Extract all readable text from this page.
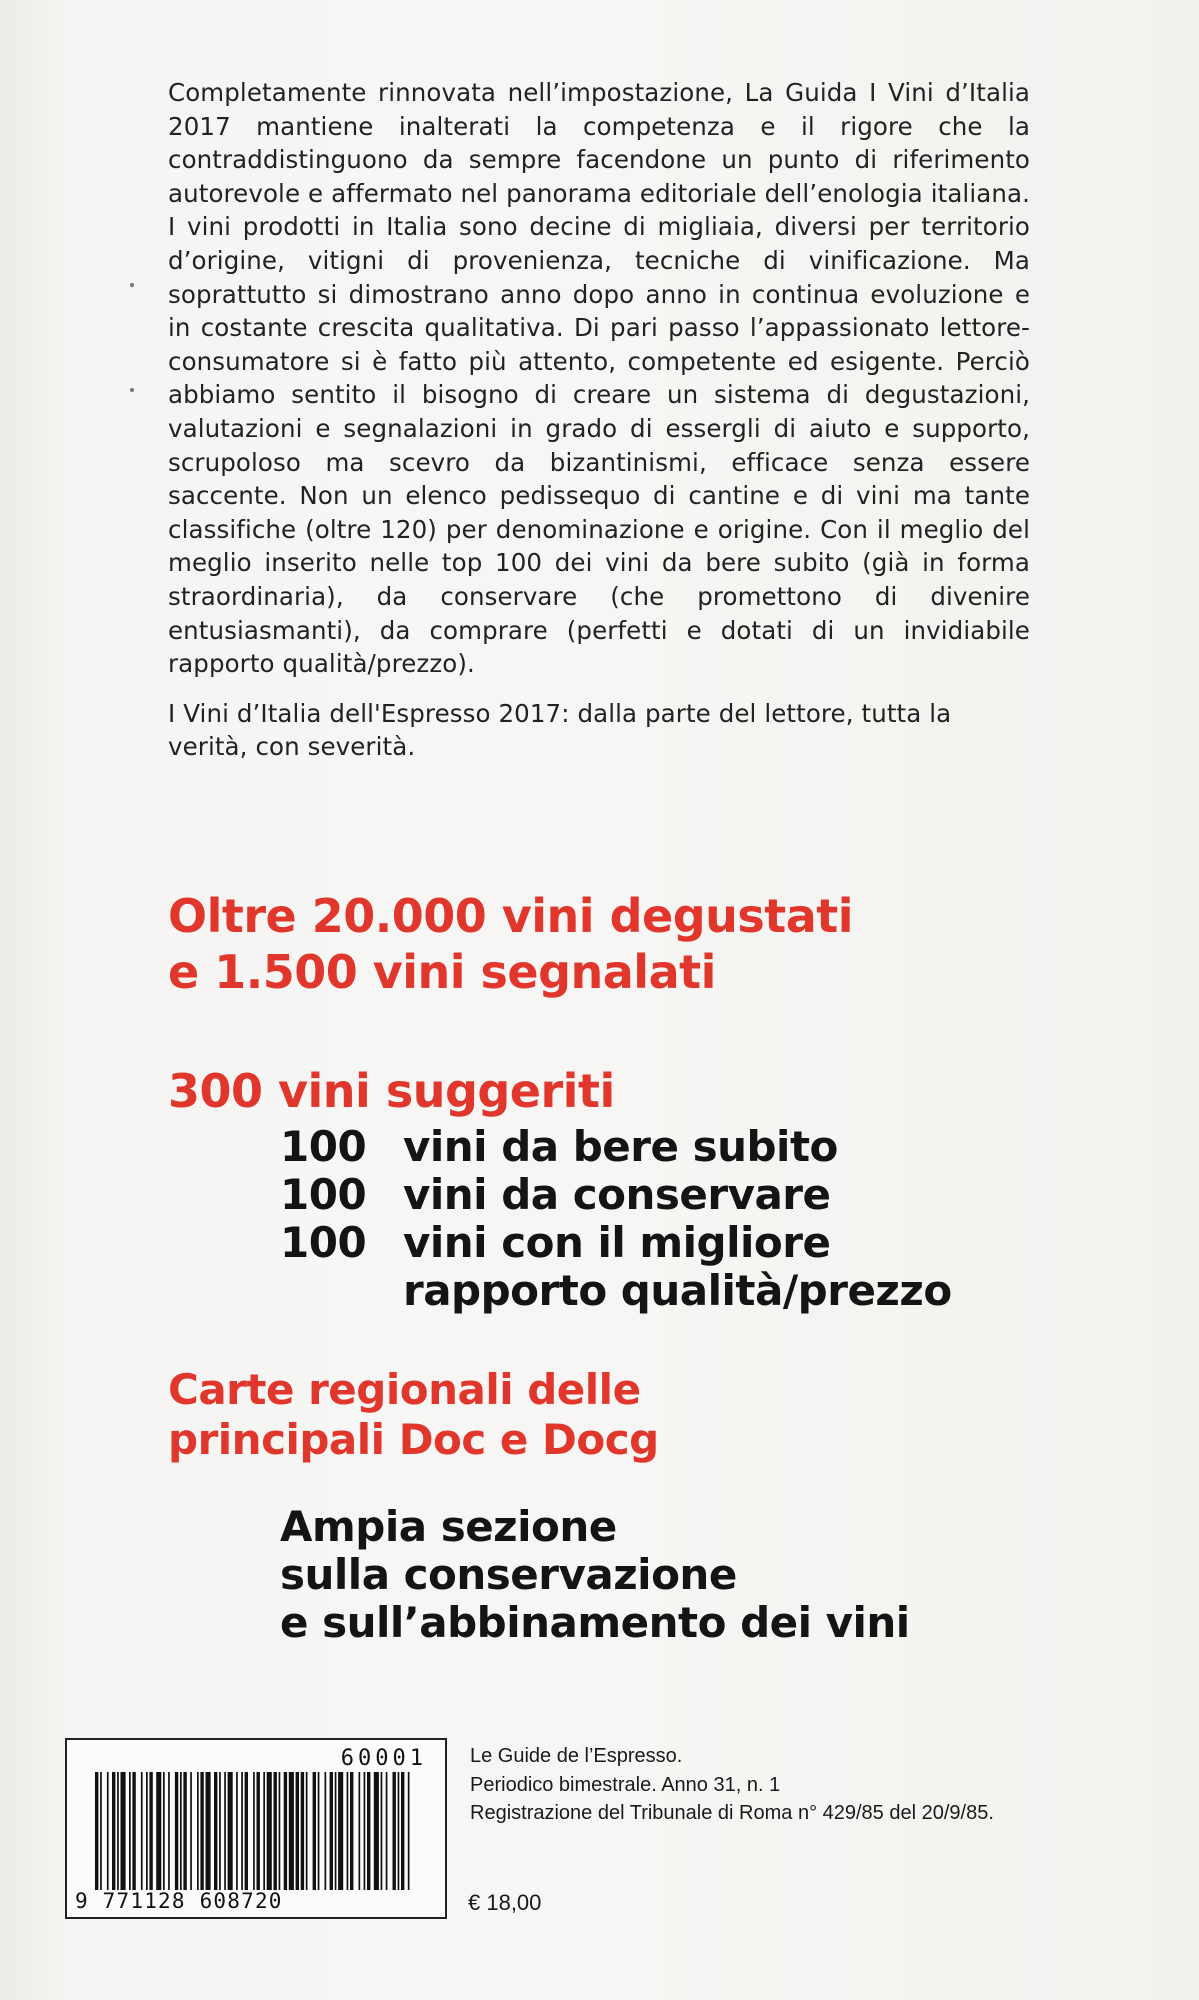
Completamente rinnovata nell’impostazione, La Guida I Vini d’Italia 2017 mantiene inalterati la competenza e il rigore che la contraddistinguono da sempre facendone un punto di riferimento autorevole e affermato nel panorama editoriale dell’enologia italiana. I vini prodotti in Italia sono decine di migliaia, diversi per territorio d’origine, vitigni di provenienza, tecniche di vinificazione. Ma soprattutto si dimostrano anno dopo anno in continua evoluzione e in costante crescita qualitativa. Di pari passo l’appassionato lettore-consumatore si è fatto più attento, competente ed esigente. Perciò abbiamo sentito il bisogno di creare un sistema di degustazioni, valutazioni e segnalazioni in grado di essergli di aiuto e supporto, scrupoloso ma scevro da bizantinismi, efficace senza essere saccente. Non un elenco pedissequo di cantine e di vini ma tante classifiche (oltre 120) per denominazione e origine. Con il meglio del meglio inserito nelle top 100 dei vini da bere subito (già in forma straordinaria), da conservare (che promettono di divenire entusiasmanti), da comprare (perfetti e dotati di un invidiabile rapporto qualità/prezzo).

I Vini d’Italia dell'Espresso 2017: dalla parte del lettore, tutta la verità, con severità.

Oltre 20.000 vini degustati
e 1.500 vini segnalati
300 vini suggeriti
100 vini da bere subito
100 vini da conservare
100 vini con il migliore
rapporto qualità/prezzo
Carte regionali delle
principali Doc e Docg
Ampia sezione
sulla conservazione
e sull’abbinamento dei vini
60001
9 771128 608720
Le Guide de l’Espresso.
Periodico bimestrale. Anno 31, n. 1
Registrazione del Tribunale di Roma n° 429/85 del 20/9/85.
€ 18,00
